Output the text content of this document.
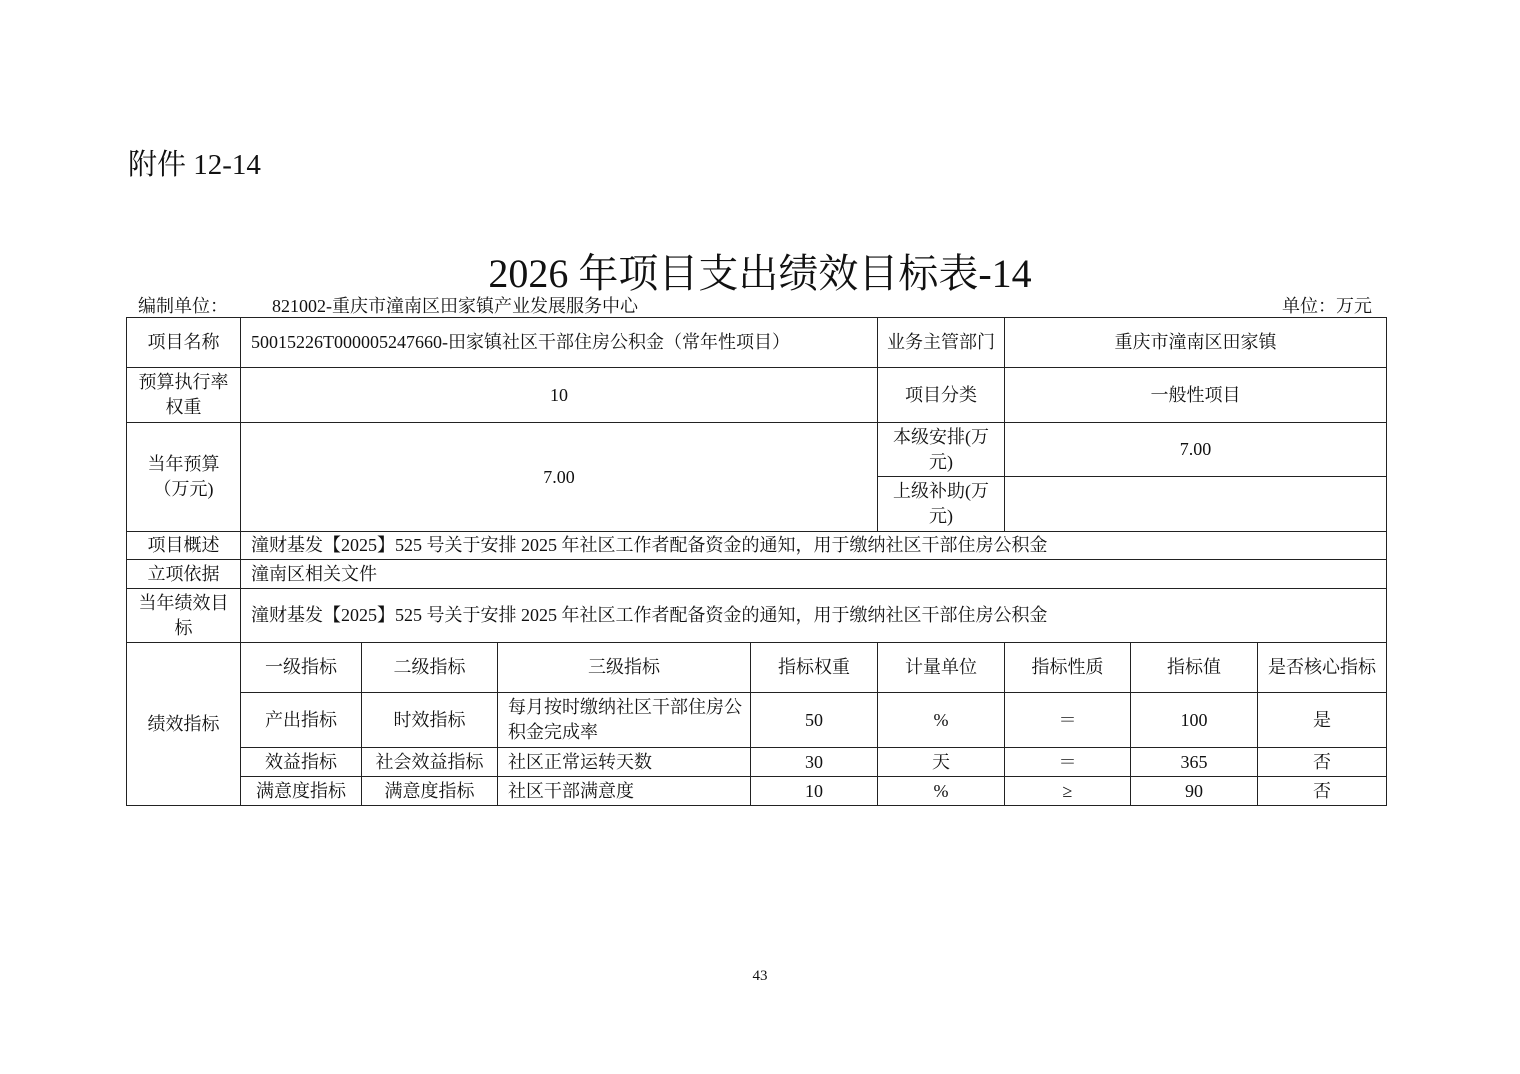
附件 12-14
2026 年项目支出绩效目标表-14
编制单位： 821002-重庆市潼南区田家镇产业发展服务中心	单位：万元
项目名称	50015226T000005247660-田家镇社区干部住房公积金（常年性项目）				业务主管部门	重庆市潼南区田家镇		
预算执行率权重	10				项目分类	一般性项目		
当年预算（万元)	7.00				本级安排(万元)	7.00		
					上级补助(万元)			
项目概述	潼财基发【2025】525 号关于安排 2025 年社区工作者配备资金的通知，用于缴纳社区干部住房公积金							
立项依据	潼南区相关文件							
当年绩效目标	潼财基发【2025】525 号关于安排 2025 年社区工作者配备资金的通知，用于缴纳社区干部住房公积金							
绩效指标	一级指标	二级指标	三级指标	指标权重	计量单位	指标性质	指标值	是否核心指标
	产出指标	时效指标	每月按时缴纳社区干部住房公积金完成率	50	%	＝	100	是
	效益指标	社会效益指标	社区正常运转天数	30	天	＝	365	否
	满意度指标	满意度指标	社区干部满意度	10	%	≥	90	否
43
